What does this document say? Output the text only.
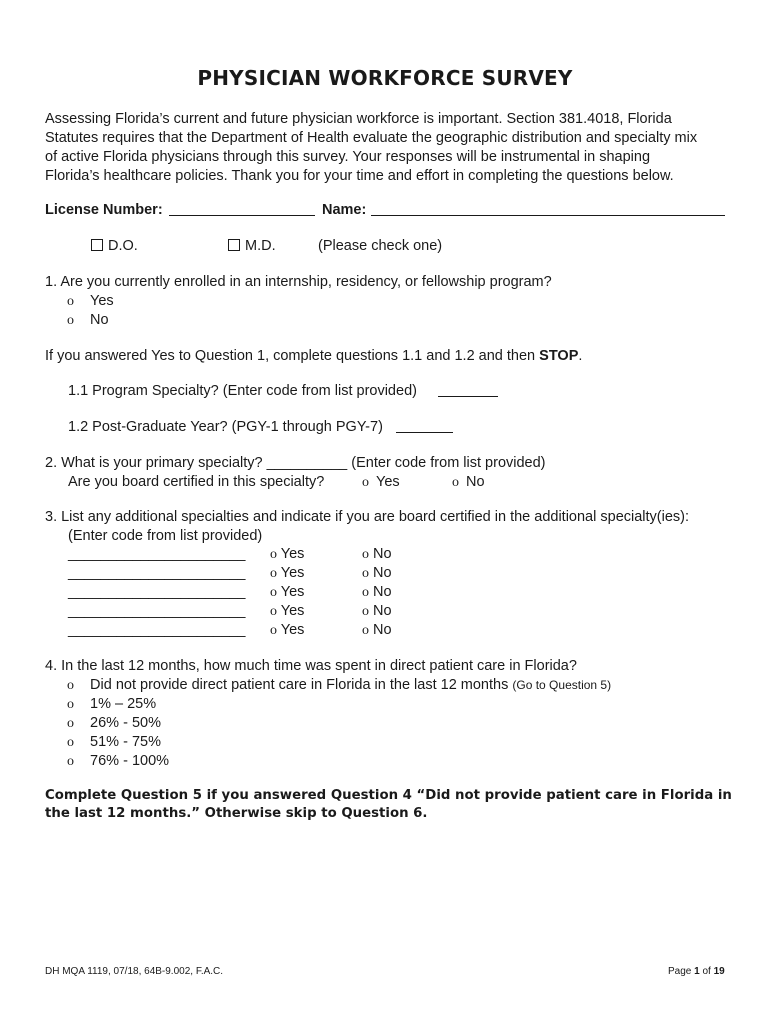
PHYSICIAN WORKFORCE SURVEY

Assessing Florida’s current and future physician workforce is important. Section 381.4018, Florida

Statutes requires that the Department of Health evaluate the geographic distribution and specialty mix

of active Florida physicians through this survey. Your responses will be instrumental in shaping

Florida’s healthcare policies. Thank you for your time and effort in completing the questions below.

License Number:	Name:
D.O.	M.D.	(Please check one)
1. Are you currently enrolled in an internship, residency, or fellowship program?
o Yes
o No
If you answered Yes to Question 1, complete questions 1.1 and 1.2 and then STOP.
1.1 Program Specialty? (Enter code from list provided)
1.2 Post-Graduate Year? (PGY-1 through PGY-7)
2. What is your primary specialty? __________ (Enter code from list provided)
Are you board certified in this specialty?	o Yes	o No
3. List any additional specialties and indicate if you are board certified in the additional specialty(ies):
(Enter code from list provided)
______________________ o Yes	o No
______________________ o Yes	o No
______________________ o Yes	o No
______________________ o Yes	o No
______________________ o Yes	o No
4. In the last 12 months, how much time was spent in direct patient care in Florida?
o Did not provide direct patient care in Florida in the last 12 months (Go to Question 5)
o 1% – 25%
o 26% - 50%
o 51% - 75%
o 76% - 100%
Complete Question 5 if you answered Question 4 “Did not provide patient care in Florida in
the last 12 months.” Otherwise skip to Question 6.
DH MQA 1119, 07/18, 64B-9.002, F.A.C.	Page 1 of 19
